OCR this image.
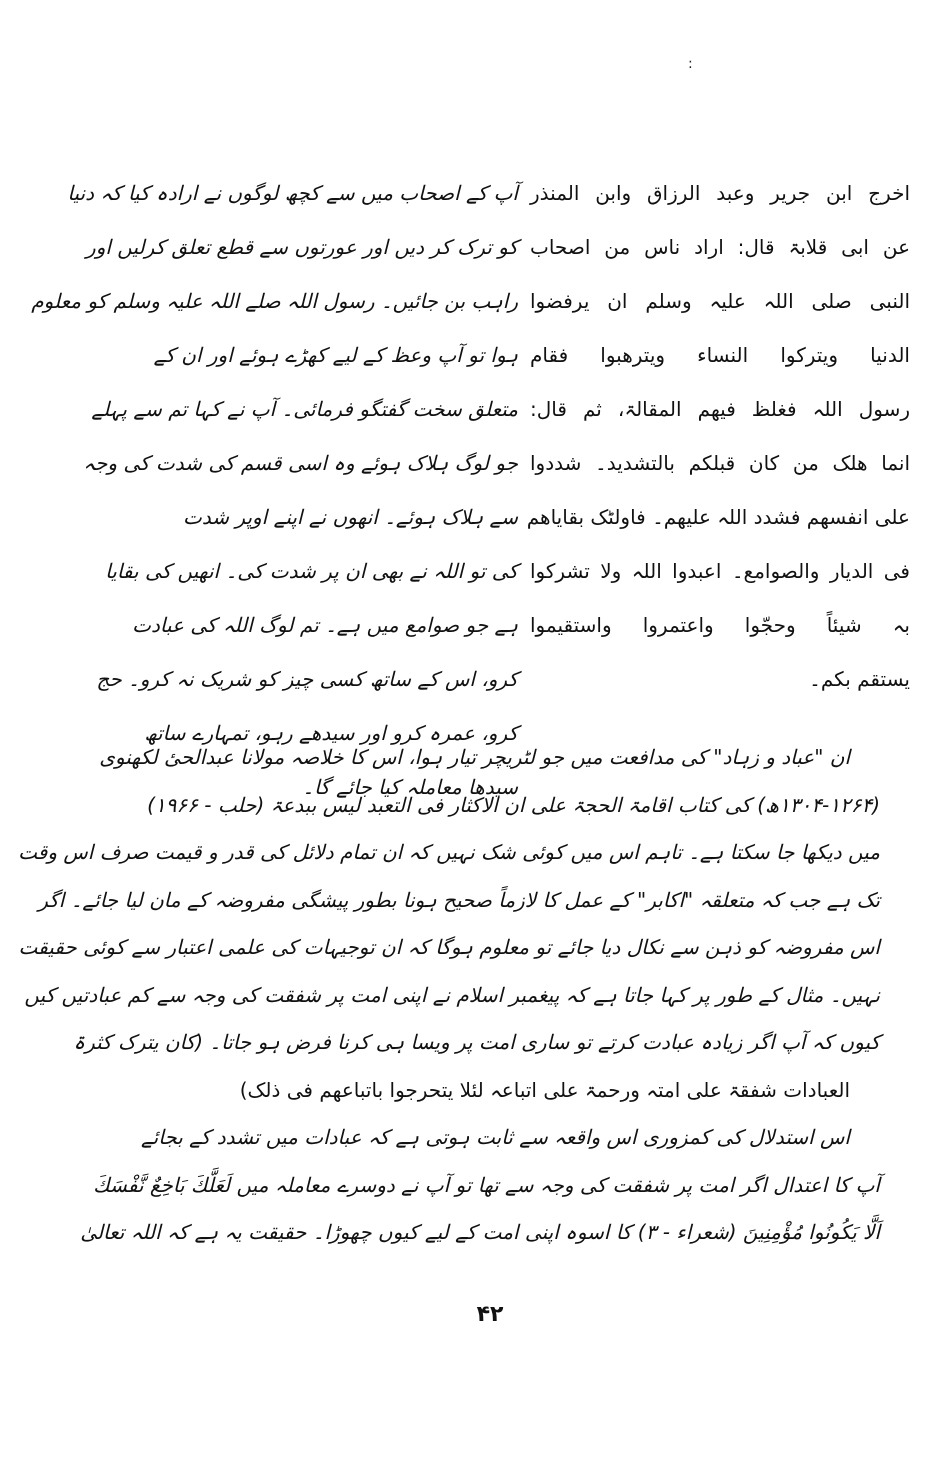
:
اخرج ابن جریر وعبد الرزاق وابن المنذر
عن ابی قلابۃ قال: اراد ناس من اصحاب
النبی صلی اللہ علیہ وسلم ان یرفضوا
الدنیا ویترکوا النساء ویترھبوا فقام
رسول اللہ فغلظ فیھم المقالۃ، ثم قال:
انما ھلک من کان قبلکم بالتشدید۔ شددوا
علی انفسھم فشدد اللہ علیھم۔ فاولٹک بقایاھم
فی الدیار والصوامع۔ اعبدوا اللہ ولا تشرکوا
بہ شیئاً وحجّوا واعتمروا واستقیموا
یستقم بکم۔
آپ کے اصحاب میں سے کچھ لوگوں نے ارادہ کیا کہ دنیا
کو ترک کر دیں اور عورتوں سے قطع تعلق کرلیں اور
راہب بن جائیں۔ رسول اللہ صلے اللہ علیہ وسلم کو معلوم
ہوا تو آپ وعظ کے لیے کھڑے ہوئے اور ان کے
متعلق سخت گفتگو فرمائی۔ آپ نے کہا تم سے پہلے
جو لوگ ہلاک ہوئے وہ اسی قسم کی شدت کی وجہ
سے ہلاک ہوئے۔ انھوں نے اپنے اوپر شدت
کی تو اللہ نے بھی ان پر شدت کی۔ انھیں کی بقایا
ہے جو صوامع میں ہے۔ تم لوگ اللہ کی عبادت
کرو، اس کے ساتھ کسی چیز کو شریک نہ کرو۔ حج
کرو، عمرہ کرو اور سیدھے رہو، تمہارے ساتھ
سیدھا معاملہ کیا جائے گا۔
ان "عباد و زہاد" کی مدافعت میں جو لٹریچر تیار ہوا، اس کا خلاصہ مولانا عبدالحیٔ لکھنوی
(۱۳۰۴-۱۲۶۴ھ) کی کتاب اقامۃ الحجۃ علی ان الاکثار فی التعبد لیس ببدعۃ (حلب - ۱۹۶۶)
میں دیکھا جا سکتا ہے۔ تاہم اس میں کوئی شک نہیں کہ ان تمام دلائل کی قدر و قیمت صرف اس وقت
تک ہے جب کہ متعلقہ "اکابر" کے عمل کا لازماً صحیح ہونا بطور پیشگی مفروضہ کے مان لیا جائے۔ اگر
اس مفروضہ کو ذہن سے نکال دیا جائے تو معلوم ہوگا کہ ان توجیہات کی علمی اعتبار سے کوئی حقیقت
نہیں۔ مثال کے طور پر کہا جاتا ہے کہ پیغمبر اسلام نے اپنی امت پر شفقت کی وجہ سے کم عبادتیں کیں
کیوں کہ آپ اگر زیادہ عبادت کرتے تو ساری امت پر ویسا ہی کرنا فرض ہو جاتا۔ (کان یترک کثرۃ
العبادات شفقۃ علی امتہ ورحمۃ علی اتباعہ لئلا یتحرجوا باتباعھم فی ذلک)
اس استدلال کی کمزوری اس واقعہ سے ثابت ہوتی ہے کہ عبادات میں تشدد کے بجائے
آپ کا اعتدال اگر امت پر شفقت کی وجہ سے تھا تو آپ نے دوسرے معاملہ میں لَعَلَّكَ بَاخِعٌ نَّفْسَكَ
اَلَّا يَكُونُوا مُؤْمِنِينَ (شعراء - ۳) کا اسوہ اپنی امت کے لیے کیوں چھوڑا۔ حقیقت یہ ہے کہ اللہ تعالیٰ
۴۲
